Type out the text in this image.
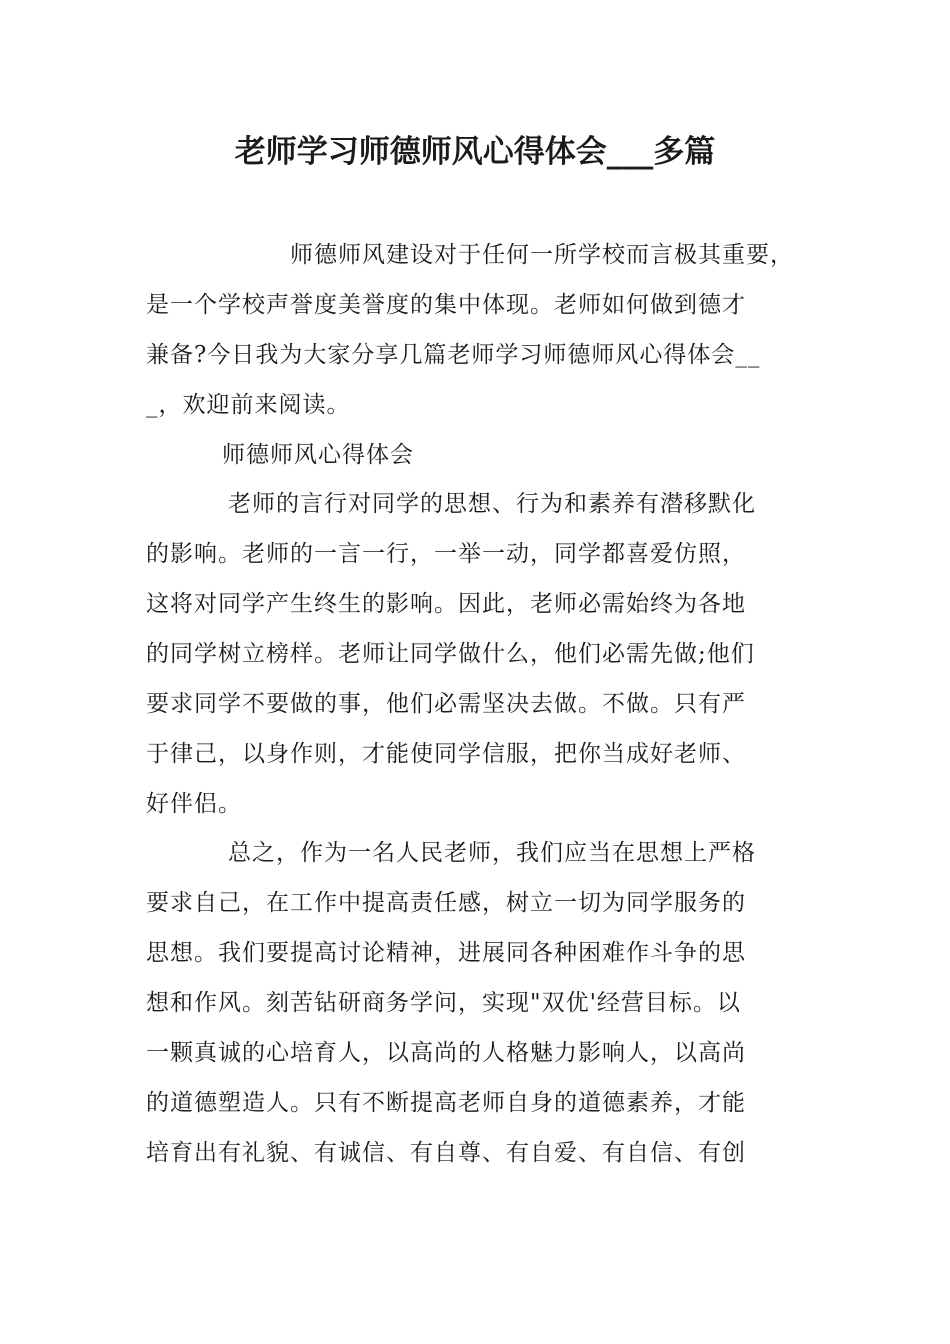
老师学习师德师风心得体会___多篇
师德师风建设对于任何一所学校而言极其重要，
是一个学校声誉度美誉度的集中体现。老师如何做到德才
兼备?今日我为大家分享几篇老师学习师德师风心得体会__
_，欢迎前来阅读。
师德师风心得体会
老师的言行对同学的思想、行为和素养有潜移默化
的影响。老师的一言一行，一举一动，同学都喜爱仿照，
这将对同学产生终生的影响。因此，老师必需始终为各地
的同学树立榜样。老师让同学做什么，他们必需先做;他们
要求同学不要做的事，他们必需坚决去做。不做。只有严
于律己，以身作则，才能使同学信服，把你当成好老师、
好伴侣。
总之，作为一名人民老师，我们应当在思想上严格
要求自己，在工作中提高责任感，树立一切为同学服务的
思想。我们要提高讨论精神，进展同各种困难作斗争的思
想和作风。刻苦钻研商务学问，实现"双优'经营目标。以
一颗真诚的心培育人，以高尚的人格魅力影响人，以高尚
的道德塑造人。只有不断提高老师自身的道德素养，才能
培育出有礼貌、有诚信、有自尊、有自爱、有自信、有创
